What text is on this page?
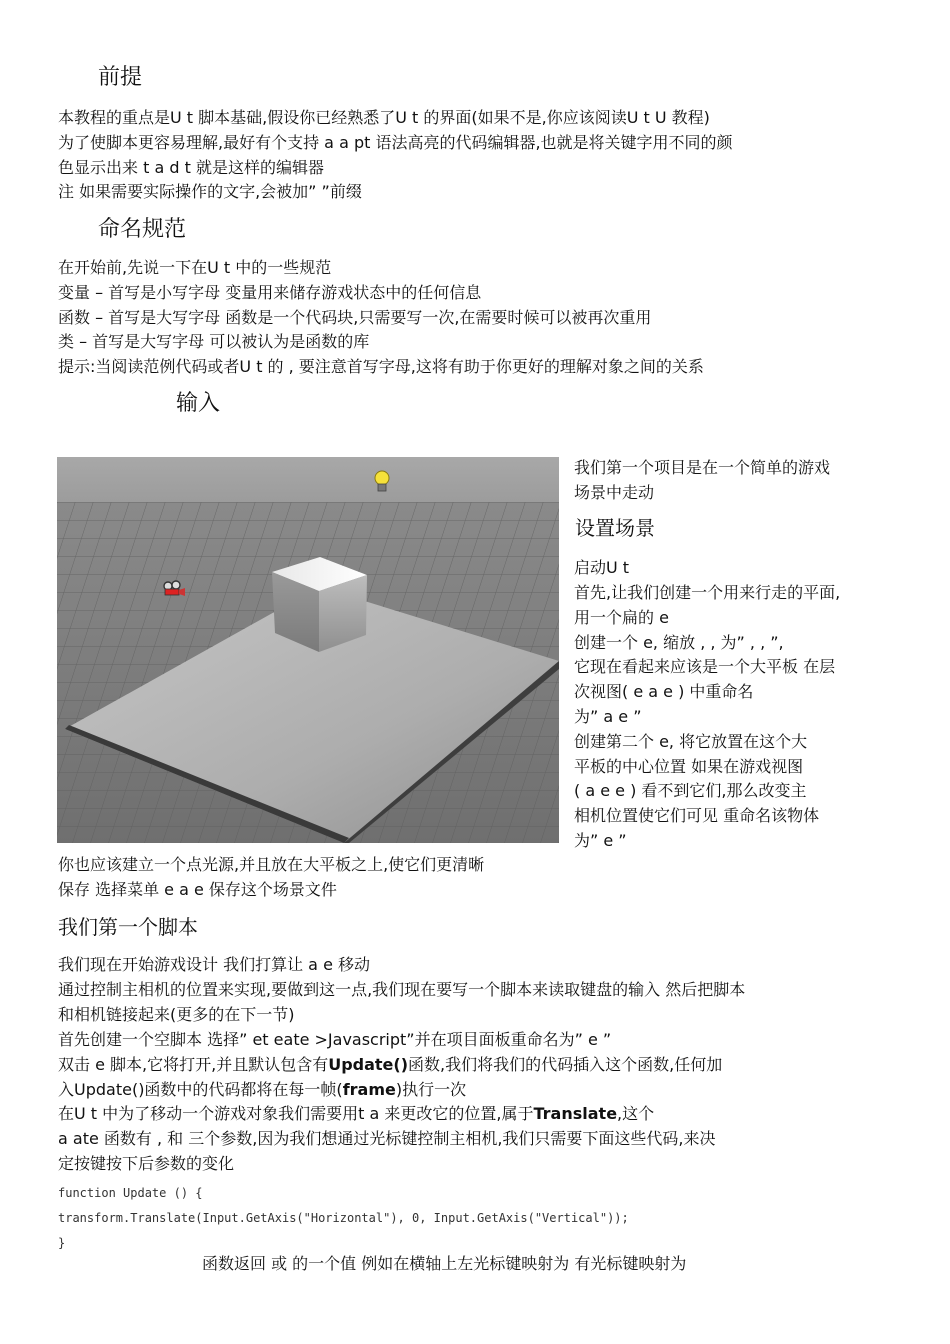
前提
本教程的重点是U t 脚本基础,假设你已经熟悉了U t 的界面(如果不是,你应该阅读U t U 教程)
为了使脚本更容易理解,最好有个支持 a a pt 语法高亮的代码编辑器,也就是将关键字用不同的颜
色显示出来 t a d t 就是这样的编辑器
注 如果需要实际操作的文字,会被加” ”前缀
命名规范
在开始前,先说一下在U t 中的一些规范
变量 – 首写是小写字母 变量用来储存游戏状态中的任何信息
函数 – 首写是大写字母 函数是一个代码块,只需要写一次,在需要时候可以被再次重用
类 – 首写是大写字母 可以被认为是函数的库
提示:当阅读范例代码或者U t 的 , 要注意首写字母,这将有助于你更好的理解对象之间的关系
输入
我们第一个项目是在一个简单的游戏
场景中走动
设置场景
启动U t
首先,让我们创建一个用来行走的平面,
用一个扁的 e
创建一个 e, 缩放 , , 为” , , ”,
它现在看起来应该是一个大平板 在层
次视图( e a e ) 中重命名
为” a e ”
创建第二个 e, 将它放置在这个大
平板的中心位置 如果在游戏视图
( a e e ) 看不到它们,那么改变主
相机位置使它们可见 重命名该物体
为” e ”
你也应该建立一个点光源,并且放在大平板之上,使它们更清晰
保存 选择菜单 e a e 保存这个场景文件
我们第一个脚本
我们现在开始游戏设计 我们打算让 a e 移动
通过控制主相机的位置来实现,要做到这一点,我们现在要写一个脚本来读取键盘的输入 然后把脚本
和相机链接起来(更多的在下一节)
首先创建一个空脚本 选择” et eate >Javascript”并在项目面板重命名为” e ”
双击 e 脚本,它将打开,并且默认包含有Update()函数,我们将我们的代码插入这个函数,任何加
入Update()函数中的代码都将在每一帧(frame)执行一次
在U t 中为了移动一个游戏对象我们需要用t a 来更改它的位置,属于Translate,这个
a ate 函数有 , 和 三个参数,因为我们想通过光标键控制主相机,我们只需要下面这些代码,来决
定按键按下后参数的变化
function Update () {
transform.Translate(Input.GetAxis("Horizontal"), 0, Input.GetAxis("Vertical"));
}
函数返回 或 的一个值 例如在横轴上左光标键映射为 有光标键映射为
